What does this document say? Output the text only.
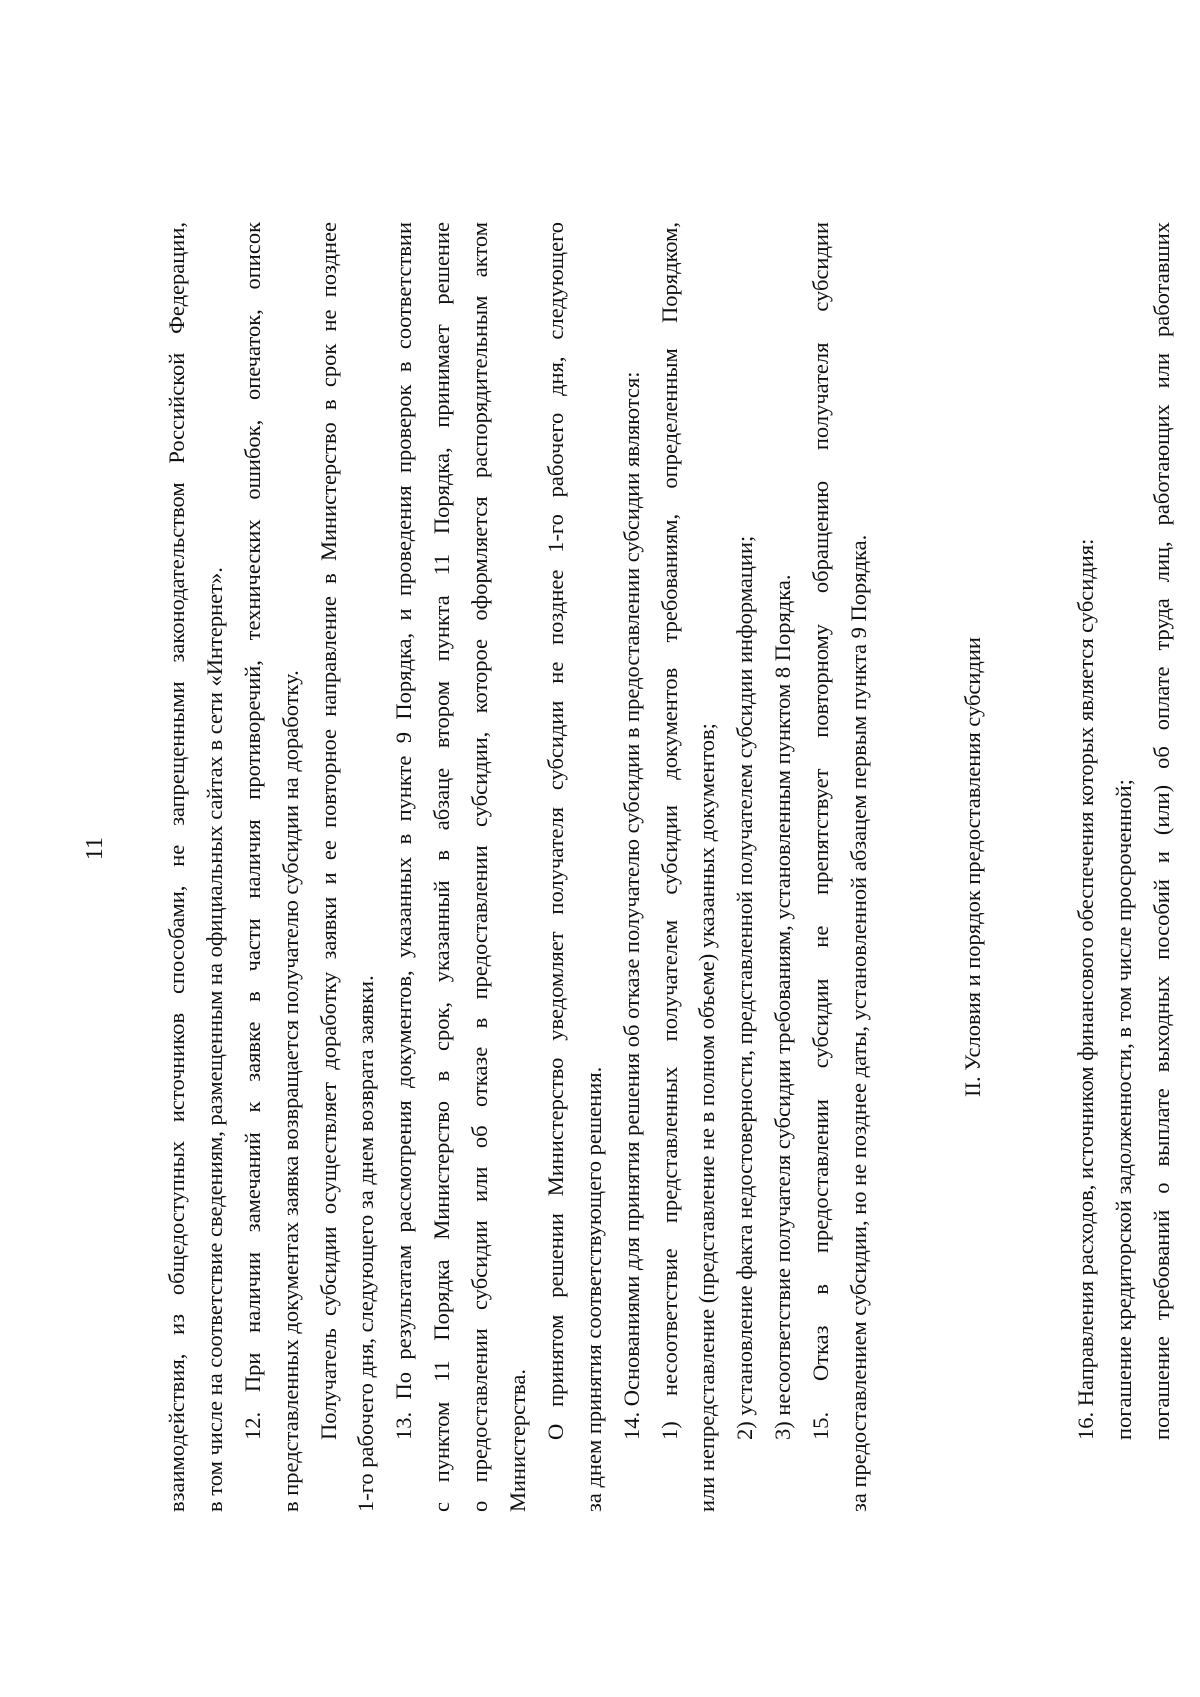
11 взаимодействия, из общедоступных источников способами, не запрещенными законодательством Российской Федерации, в том числе на соответствие сведениям, размещенным на официальных сайтах в сети «Интернет». 12. При наличии замечаний к заявке в части наличия противоречий, технических ошибок, опечаток, описок в представленных документах заявка возвращается получателю субсидии на доработку. Получатель субсидии осуществляет доработку заявки и ее повторное направление в Министерство в срок не позднее 1-го рабочего дня, следующего за днем возврата заявки. 13. По результатам рассмотрения документов, указанных в пункте 9 Порядка, и проведения проверок в соответствии с пунктом 11 Порядка Министерство в срок, указанный в абзаце втором пункта 11 Порядка, принимает решение о предоставлении субсидии или об отказе в предоставлении субсидии, которое оформляется распорядительным актом Министерства.
О принятом решении Министерство уведомляет получателя субсидии не позднее 1-го рабочего дня, следующего за днем принятия соответствующего решения. 14. Основаниями для принятия решения об отказе получателю субсидии в предоставлении субсидии являются: 1) несоответствие представленных получателем субсидии документов требованиям, определенным Порядком, или непредставление (представление не в полном объеме) указанных документов; 2) установление факта недостоверности, представленной получателем субсидии информации; 3) несоответствие получателя субсидии требованиям, установленным пунктом 8 Порядка. 15. Отказ в предоставлении субсидии не препятствует повторному обращению получателя субсидии за предоставлением субсидии, но не позднее даты, установленной абзацем первым пункта 9 Порядка.	II. Условия и порядок предоставления субсидии	16. Направления расходов, источником финансового обеспечения которых является субсидия: погашение кредиторской задолженности, в том числе просроченной; погашение требований о выплате выходных пособий и (или) об оплате труда лиц, работающих или работавших
